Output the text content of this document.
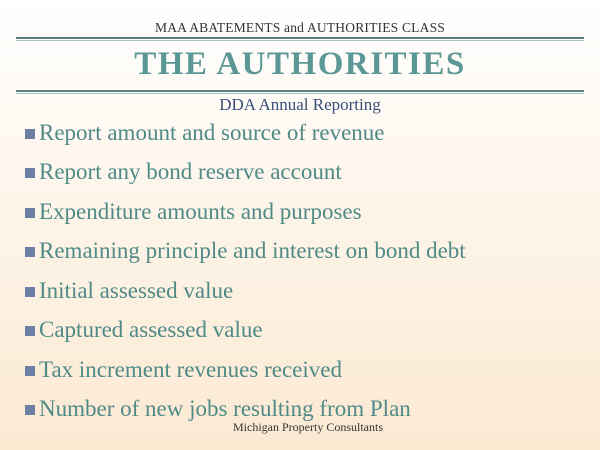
MAA ABATEMENTS and AUTHORITIES CLASS
THE AUTHORITIES
DDA Annual Reporting
Report amount and source of revenue
Report any bond reserve account
Expenditure amounts and purposes
Remaining principle and interest on bond debt
Initial assessed value
Captured assessed value
Tax increment revenues received
Number of new jobs resulting from Plan
Michigan Property Consultants
